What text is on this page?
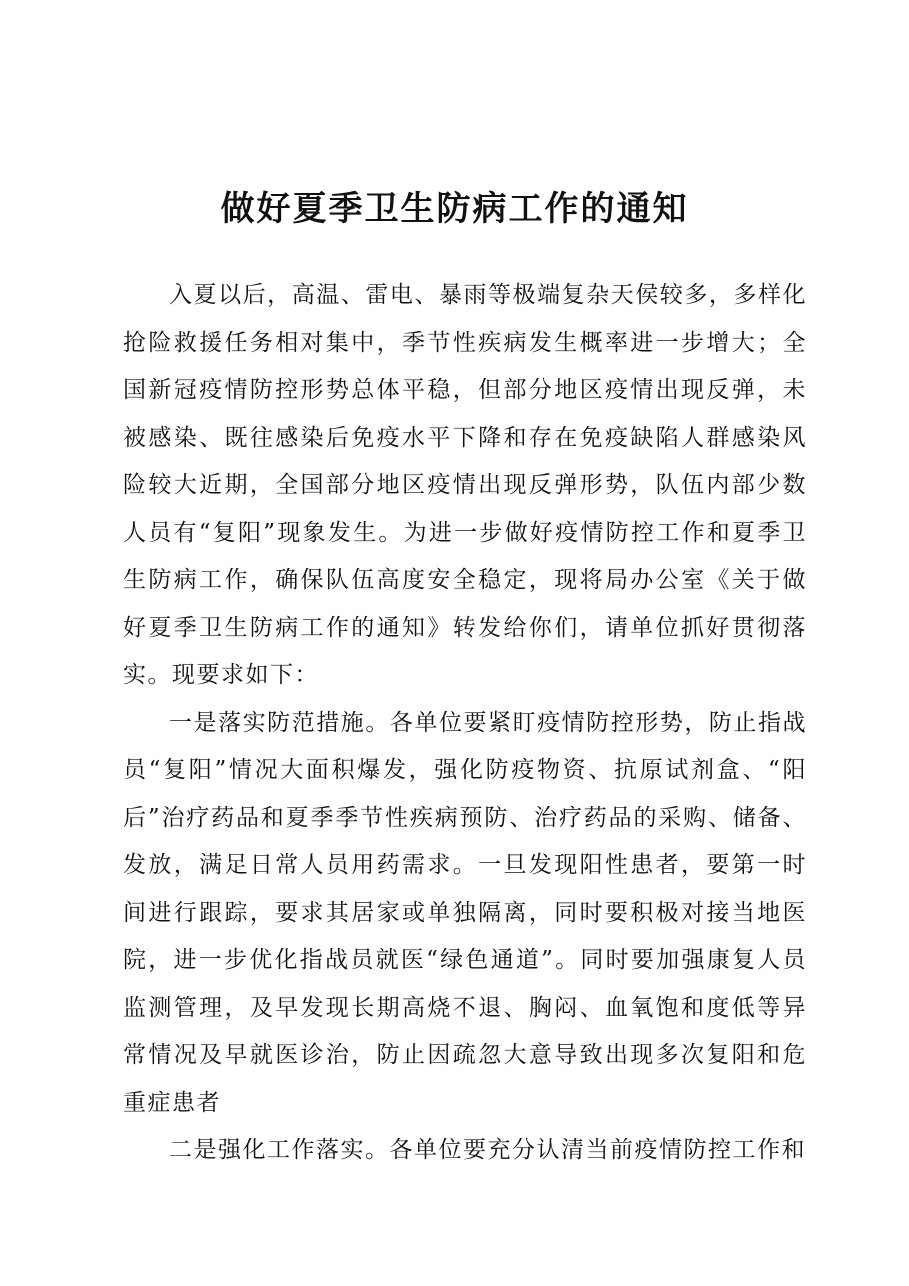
做好夏季卫生防病工作的通知

入夏以后，高温、雷电、暴雨等极端复杂天侯较多，多样化抢险救援任务相对集中，季节性疾病发生概率进一步增大；全国新冠疫情防控形势总体平稳，但部分地区疫情出现反弹，未被感染、既往感染后免疫水平下降和存在免疫缺陷人群感染风险较大近期，全国部分地区疫情出现反弹形势，队伍内部少数人员有“复阳”现象发生。为进一步做好疫情防控工作和夏季卫生防病工作，确保队伍高度安全稳定，现将局办公室《关于做好夏季卫生防病工作的通知》转发给你们，请单位抓好贯彻落实。现要求如下：

一是落实防范措施。各单位要紧盯疫情防控形势，防止指战员“复阳”情况大面积爆发，强化防疫物资、抗原试剂盒、“阳后”治疗药品和夏季季节性疾病预防、治疗药品的采购、储备、发放，满足日常人员用药需求。一旦发现阳性患者，要第一时间进行跟踪，要求其居家或单独隔离，同时要积极对接当地医院，进一步优化指战员就医“绿色通道”。同时要加强康复人员监测管理，及早发现长期高烧不退、胸闷、血氧饱和度低等异常情况及早就医诊治，防止因疏忽大意导致出现多次复阳和危重症患者

二是强化工作落实。各单位要充分认清当前疫情防控工作和
